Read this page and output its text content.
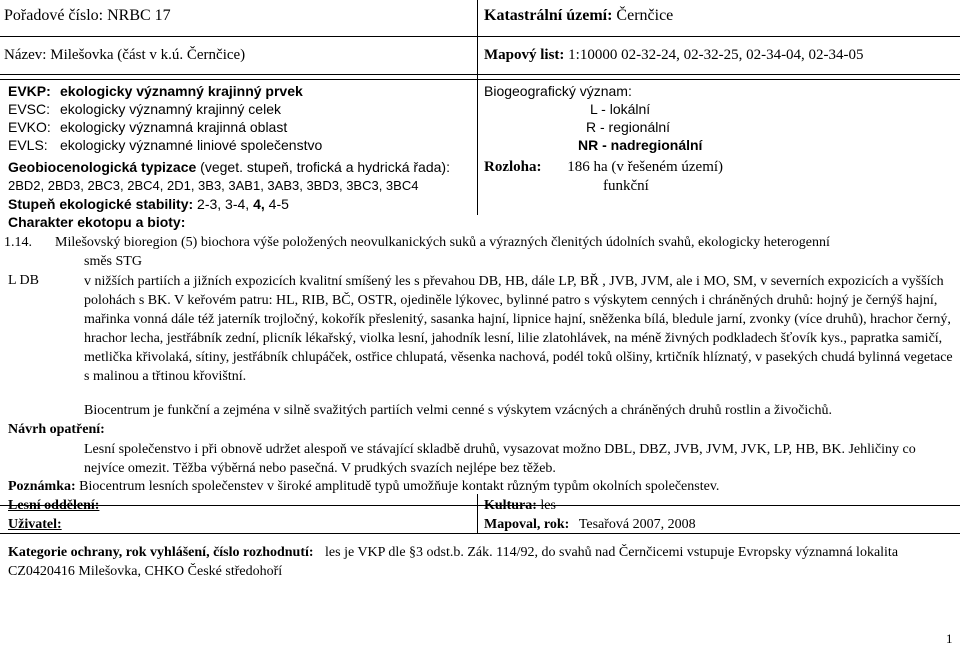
Pořadové číslo: NRBC 17	Katastrální území: Černčice
Název: Milešovka (část v k.ú. Černčice)	Mapový list: 1:10000 02-32-24, 02-32-25, 02-34-04, 02-34-05
EVKP: ekologicky významný krajinný prvek
EVSC: ekologicky významný krajinný celek
EVKO: ekologicky významná krajinná oblast
EVLS: ekologicky významné liniové společenstvo
Biogeografický význam:
L - lokální
R - regionální
NR - nadregionální
Geobiocenologická typizace (veget. stupeň, trofická a hydrická řada):
2BD2, 2BD3, 2BC3, 2BC4, 2D1, 3B3, 3AB1, 3AB3, 3BD3, 3BC3, 3BC4
Rozloha: 186 ha (v řešeném území)
funkční
Stupeň ekologické stability: 2-3, 3-4, 4, 4-5
Charakter ekotopu a bioty:
1.14. Milešovský bioregion (5) biochora výše položených neovulkanických suků a výrazných členitých údolních svahů, ekologicky heterogenní
směs STG
L DB	v nižších partiích a jižních expozicích kvalitní smíšený les s převahou DB, HB, dále LP, BŘ , JVB, JVM, ale i MO, SM, v severních expozicích a vyšších polohách s BK. V keřovém patru: HL, RIB, BČ, OSTR, ojediněle lýkovec, bylinné patro s výskytem cenných i chráněných druhů: hojný je černýš hajní, mařinka vonná dále též jaterník trojločný, kokořík přeslenitý, sasanka hajní, lipnice hajní, sněženka bílá, bledule jarní, zvonky (více druhů), hrachor černý, hrachor lecha, jestřábník zední, plicník lékařský, violka lesní, jahodník lesní, lilie zlatohlávek, na méně živných podkladech šťovík kys., papratka samičí, metlička křivolaká, sítiny, jestřábník chlupáček, ostřice chlupatá, věsenka nachová, podél toků olšiny, krtičník hlíznatý, v pasekých chudá bylinná vegetace s malinou a třtinou křovištní.
Biocentrum je funkční a zejména v silně svažitých partiích velmi cenné s výskytem vzácných a chráněných druhů rostlin a živočichů.
Návrh opatření:
Lesní společenstvo i při obnově udržet alespoň ve stávající skladbě druhů, vysazovat možno DBL, DBZ, JVB, JVM, JVK, LP, HB, BK. Jehličiny co nejvíce omezit. Těžba výběrná nebo pasečná. V prudkých svazích nejlépe bez těžeb.
Poznámka: Biocentrum lesních společenstev v široké amplitudě typů umožňuje kontakt různým typům okolních společenstev.
Lesní oddělení:	Kultura: les
Uživatel:	Mapoval, rok: Tesařová 2007, 2008
Kategorie ochrany, rok vyhlášení, číslo rozhodnutí: les je VKP dle §3 odst.b. Zák. 114/92, do svahů nad Černčicemi vstupuje Evropsky významná lokalita CZ0420416 Milešovka, CHKO České středohoří
1
